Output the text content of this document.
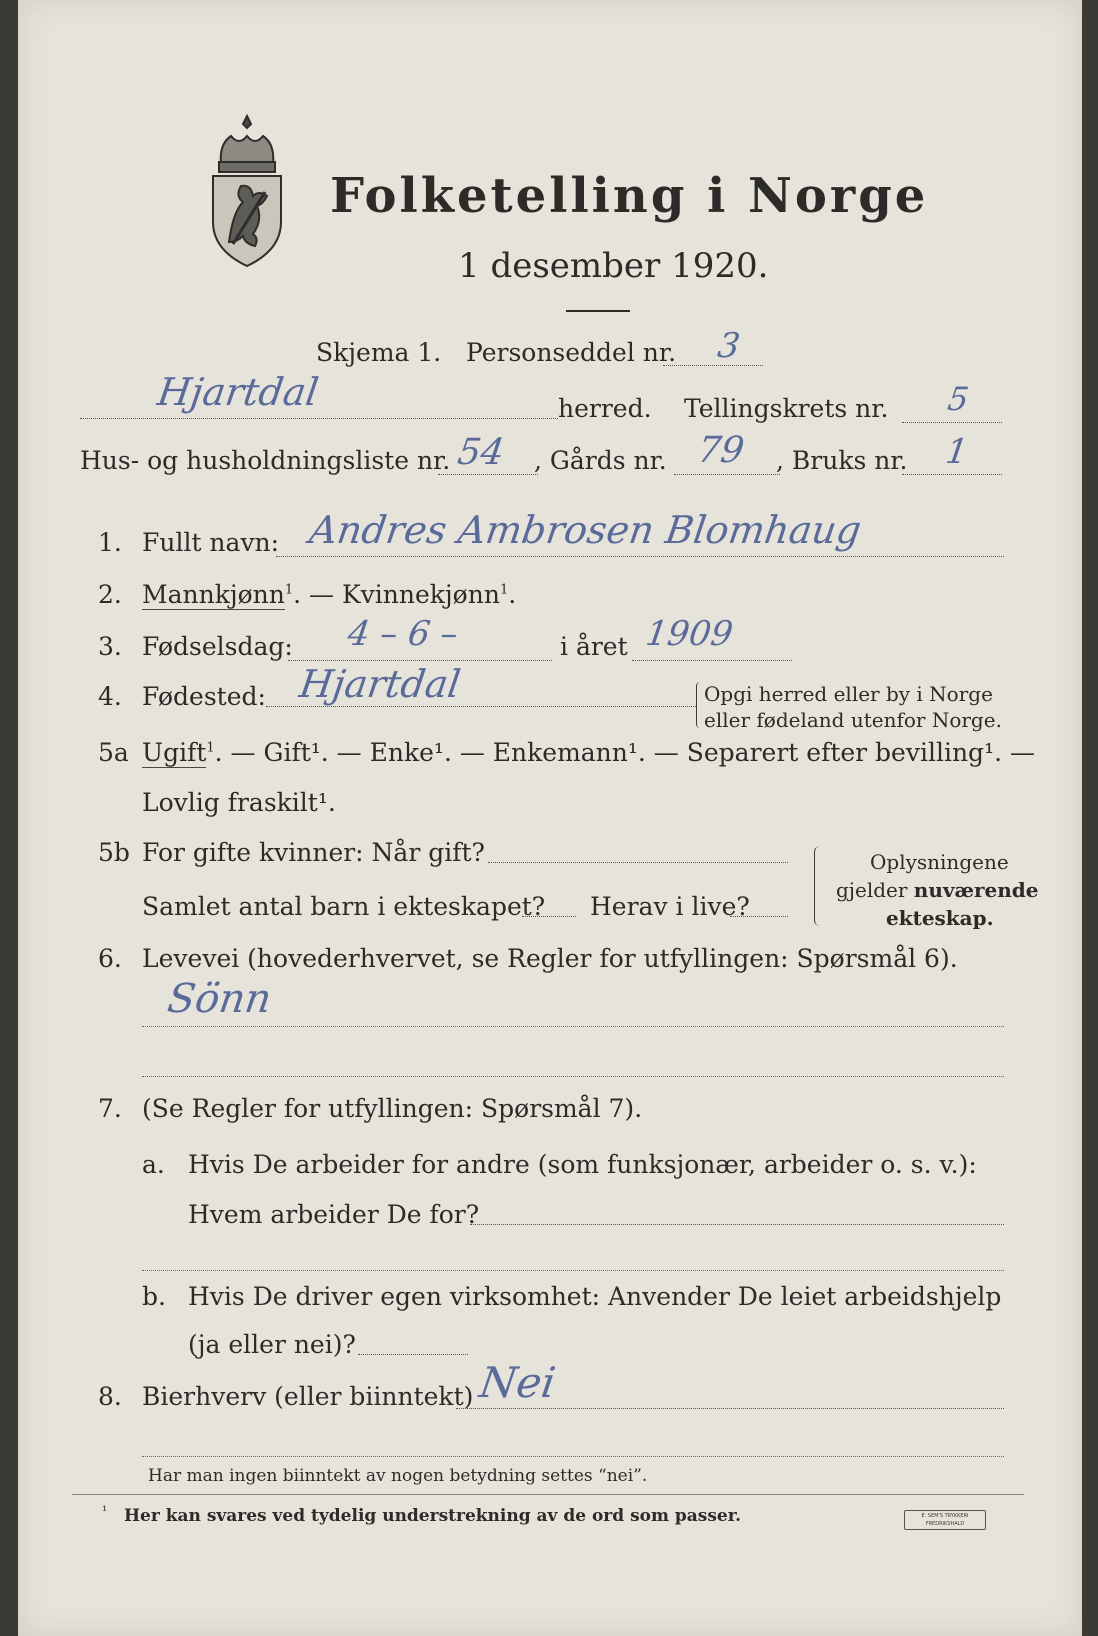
Folketelling i Norge
1 desember 1920.
Skjema 1. Personseddel nr. 3
Hjartdal	herred. Tellingskrets nr. 5
Hus- og husholdningsliste nr. 54 , Gårds nr. 79 , Bruks nr. 1
1. Fullt navn: Andres Ambrosen Blomhaug
2. Mannkjønn$^1$. — Kvinnekjønn$^1$.
3. Fødselsdag: 4 – 6 –	i året 1909
4. Fødested: Hjartdal	Opgi herred eller by i Norge
eller fødeland utenfor Norge.
5a Ugift$^1$. — Gift¹. — Enke¹. — Enkemann¹. — Separert efter bevilling¹. —
Lovlig fraskilt¹.
5b For gifte kvinner: Når gift?
Samlet antal barn i ekteskapet? Herav i live?
Oplysningene
gjelder nuværende
ekteskap.
6. Levevei (hovederhvervet, se Regler for utfyllingen: Spørsmål 6).
Sönn
7. (Se Regler for utfyllingen: Spørsmål 7).
a. Hvis De arbeider for andre (som funksjonær, arbeider o. s. v.):
Hvem arbeider De for?
b. Hvis De driver egen virksomhet: Anvender De leiet arbeidshjelp
(ja eller nei)?
8. Bierhverv (eller biinntekt) Nei
Har man ingen biinntekt av nogen betydning settes “nei”.
¹ Her kan svares ved tydelig understrekning av de ord som passer.	E. SEM'S TRYKKERI FREDRIKSHALD
